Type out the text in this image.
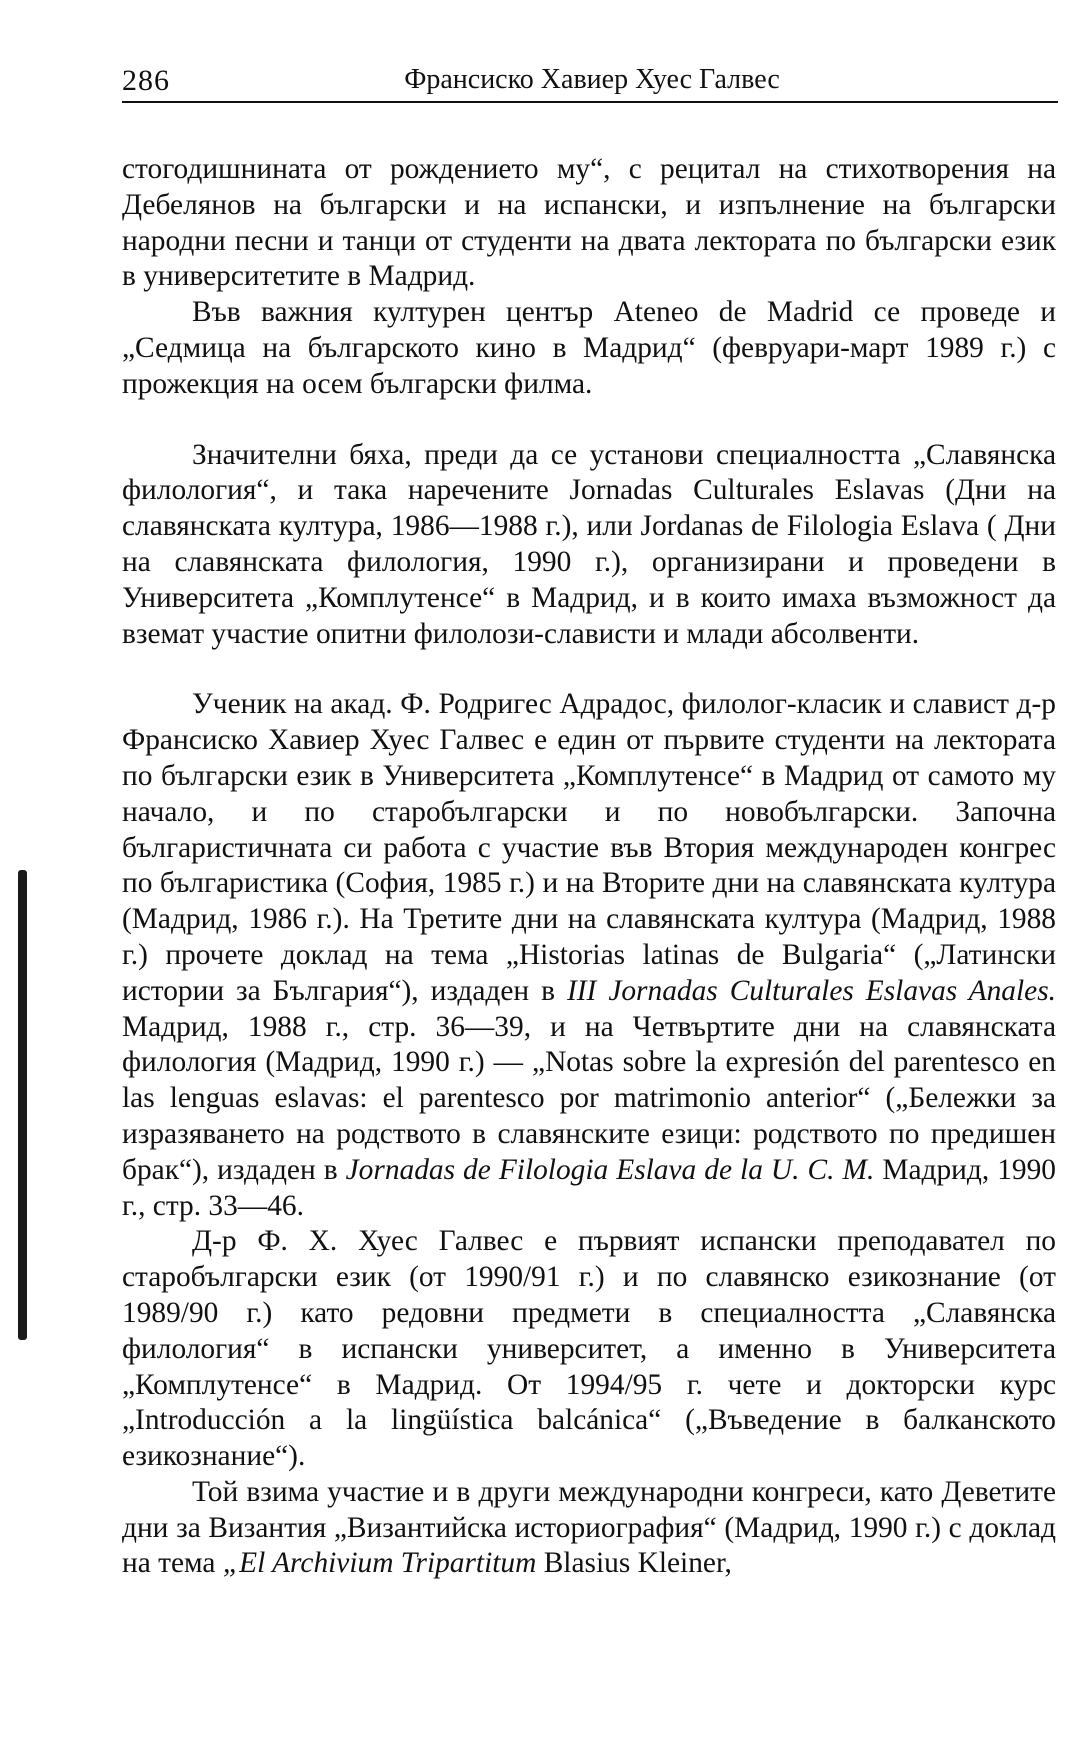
286	Франсиско Хавиер Хуес Галвес

стогодишнината от рождението му“, с рецитал на стихотворения на Дебелянов на български и на испански, и изпълнение на български народни песни и танци от студенти на двата лектората по български език в университетите в Мадрид.

Във важния културен център Ateneo de Madrid се проведе и „Седмица на българското кино в Мадрид“ (февруари-март 1989 г.) с прожекция на осем български филма.

Значителни бяха, преди да се установи специалността „Славянска филология“, и така наречените Jornadas Culturales Eslavas (Дни на славянската култура, 1986—1988 г.), или Jordanas de Filologia Eslava ( Дни на славянската филология, 1990 г.), организирани и проведени в Университета „Комплутенсе“ в Мадрид, и в които имаха възможност да вземат участие опитни филолози-слависти и млади абсолвенти.

Ученик на акад. Ф. Родригес Адрадос, филолог-класик и славист д-р Франсиско Хавиер Хуес Галвес е един от първите студенти на лектората по български език в Университета „Комплутенсе“ в Мадрид от самото му начало, и по старобългарски и по новобългарски. Започна българистичната си работа с участие във Втория международен конгрес по българистика (София, 1985 г.) и на Вторите дни на славянската култура (Мадрид, 1986 г.). На Третите дни на славянската култура (Мадрид, 1988 г.) прочете доклад на тема „Historias latinas de Bulgaria“ („Латински истории за България“), издаден в III Jornadas Culturales Eslavas Anales. Мадрид, 1988 г., стр. 36—39, и на Четвъртите дни на славянската филология (Мадрид, 1990 г.) — „Notas sobre la expresión del parentesco en las lenguas eslavas: el parentesco por matrimonio anterior“ („Бележки за изразяването на родството в славянските езици: родството по предишен брак“), издаден в Jornadas de Filologia Eslava de la U. C. M. Мадрид, 1990 г., стр. 33—46.

Д-р Ф. Х. Хуес Галвес е първият испански преподавател по старобългарски език (от 1990/91 г.) и по славянско езикознание (от 1989/90 г.) като редовни предмети в специалността „Славянска филология“ в испански университет, а именно в Университета „Комплутенсе“ в Мадрид. От 1994/95 г. чете и докторски курс „Introducción a la lingüística balcánica“ („Въведение в балканското езикознание“).

Той взима участие и в други международни конгреси, като Деветите дни за Византия „Византийска историография“ (Мадрид, 1990 г.) с доклад на тема „El Archivium Tripartitum Blasius Kleiner,
